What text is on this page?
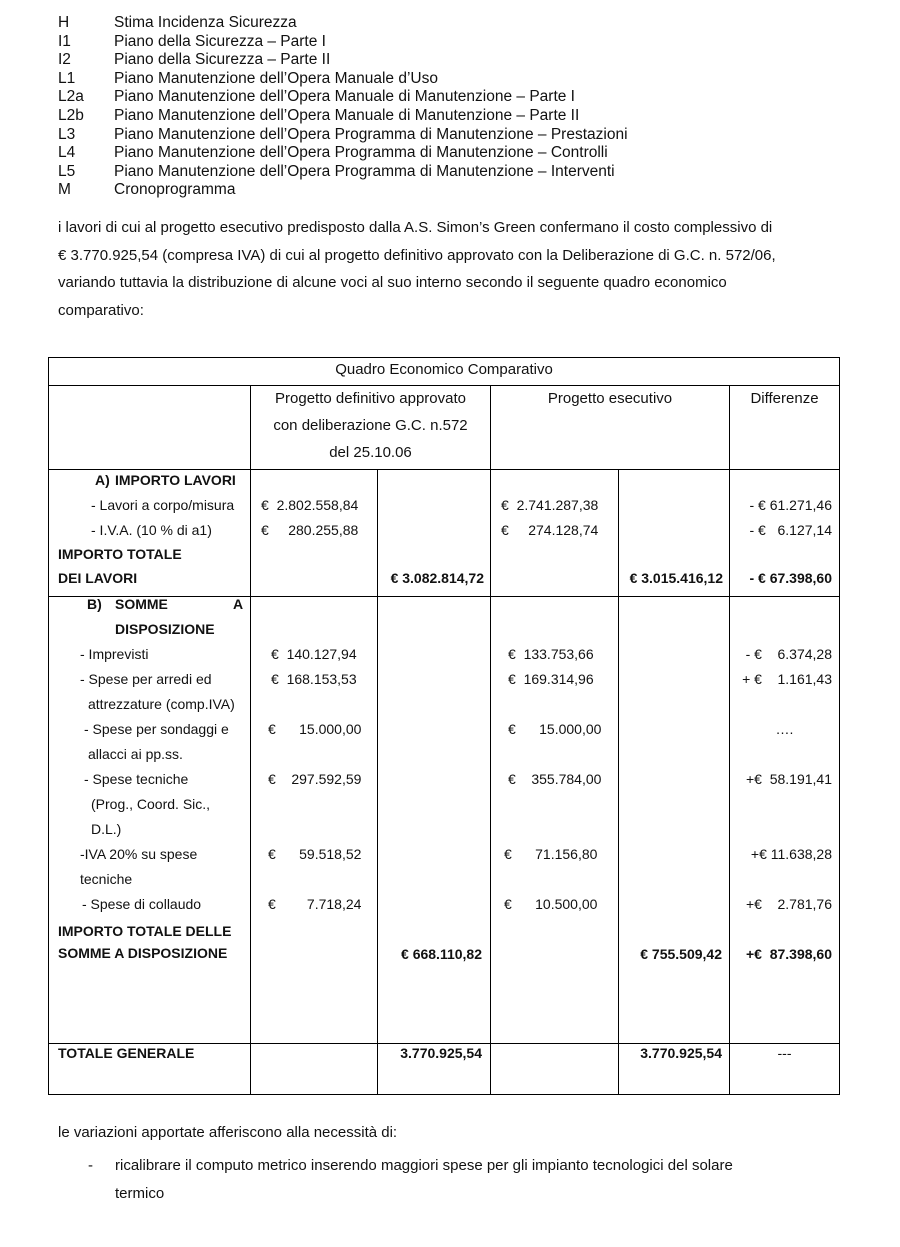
H	Stima Incidenza Sicurezza
I1	Piano della Sicurezza – Parte I
I2	Piano della Sicurezza – Parte II
L1	Piano Manutenzione dell’Opera Manuale d’Uso
L2a Piano Manutenzione dell’Opera Manuale di Manutenzione – Parte I
L2b Piano Manutenzione dell’Opera Manuale di Manutenzione – Parte II
L3	Piano Manutenzione dell’Opera Programma di Manutenzione – Prestazioni
L4	Piano Manutenzione dell’Opera Programma di Manutenzione – Controlli
L5	Piano Manutenzione dell’Opera Programma di Manutenzione – Interventi
M	Cronoprogramma
i lavori di cui al progetto esecutivo predisposto dalla A.S. Simon’s Green confermano il costo complessivo di
€ 3.770.925,54 (compresa IVA) di cui al progetto definitivo approvato con la Deliberazione di G.C. n. 572/06,
variando tuttavia la distribuzione di alcune voci al suo interno secondo il seguente quadro economico
comparativo:
Quadro Economico Comparativo
Progetto definitivo approvato
con deliberazione G.C. n.572
del 25.10.06
Progetto esecutivo	Differenze
A) IMPORTO LAVORI
- Lavori a corpo/misura €  2.802.558,84	€  2.741.287,38	- € 61.271,46
- I.V.A. (10 % di a1)	€     280.255,88	€     274.128,74	- €   6.127,14
IMPORTO TOTALE
DEI LAVORI	€ 3.082.814,72	€ 3.015.416,12	- € 67.398,60
B) SOMME	A
DISPOSIZIONE
- Imprevisti	€  140.127,94	€  133.753,66	- €    6.374,28
- Spese per arredi ed
attrezzature (comp.IVA)
€  168.153,53	€  169.314,96	+ €    1.161,43
- Spese per sondaggi e
allacci ai pp.ss.
€      15.000,00	€      15.000,00	….
- Spese tecniche
(Prog., Coord. Sic.,
D.L.)
€    297.592,59	€    355.784,00	+€  58.191,41
-IVA 20% su spese
tecniche
€      59.518,52	€      71.156,80	+€ 11.638,28
- Spese di collaudo	€        7.718,24	€      10.500,00	+€    2.781,76
IMPORTO TOTALE DELLE
SOMME A DISPOSIZIONE	€ 668.110,82	€ 755.509,42	+€  87.398,60
TOTALE GENERALE	3.770.925,54	3.770.925,54	---
le variazioni apportate afferiscono alla necessità di:
- ricalibrare il computo metrico inserendo maggiori spese per gli impianto tecnologici del solare
termico
